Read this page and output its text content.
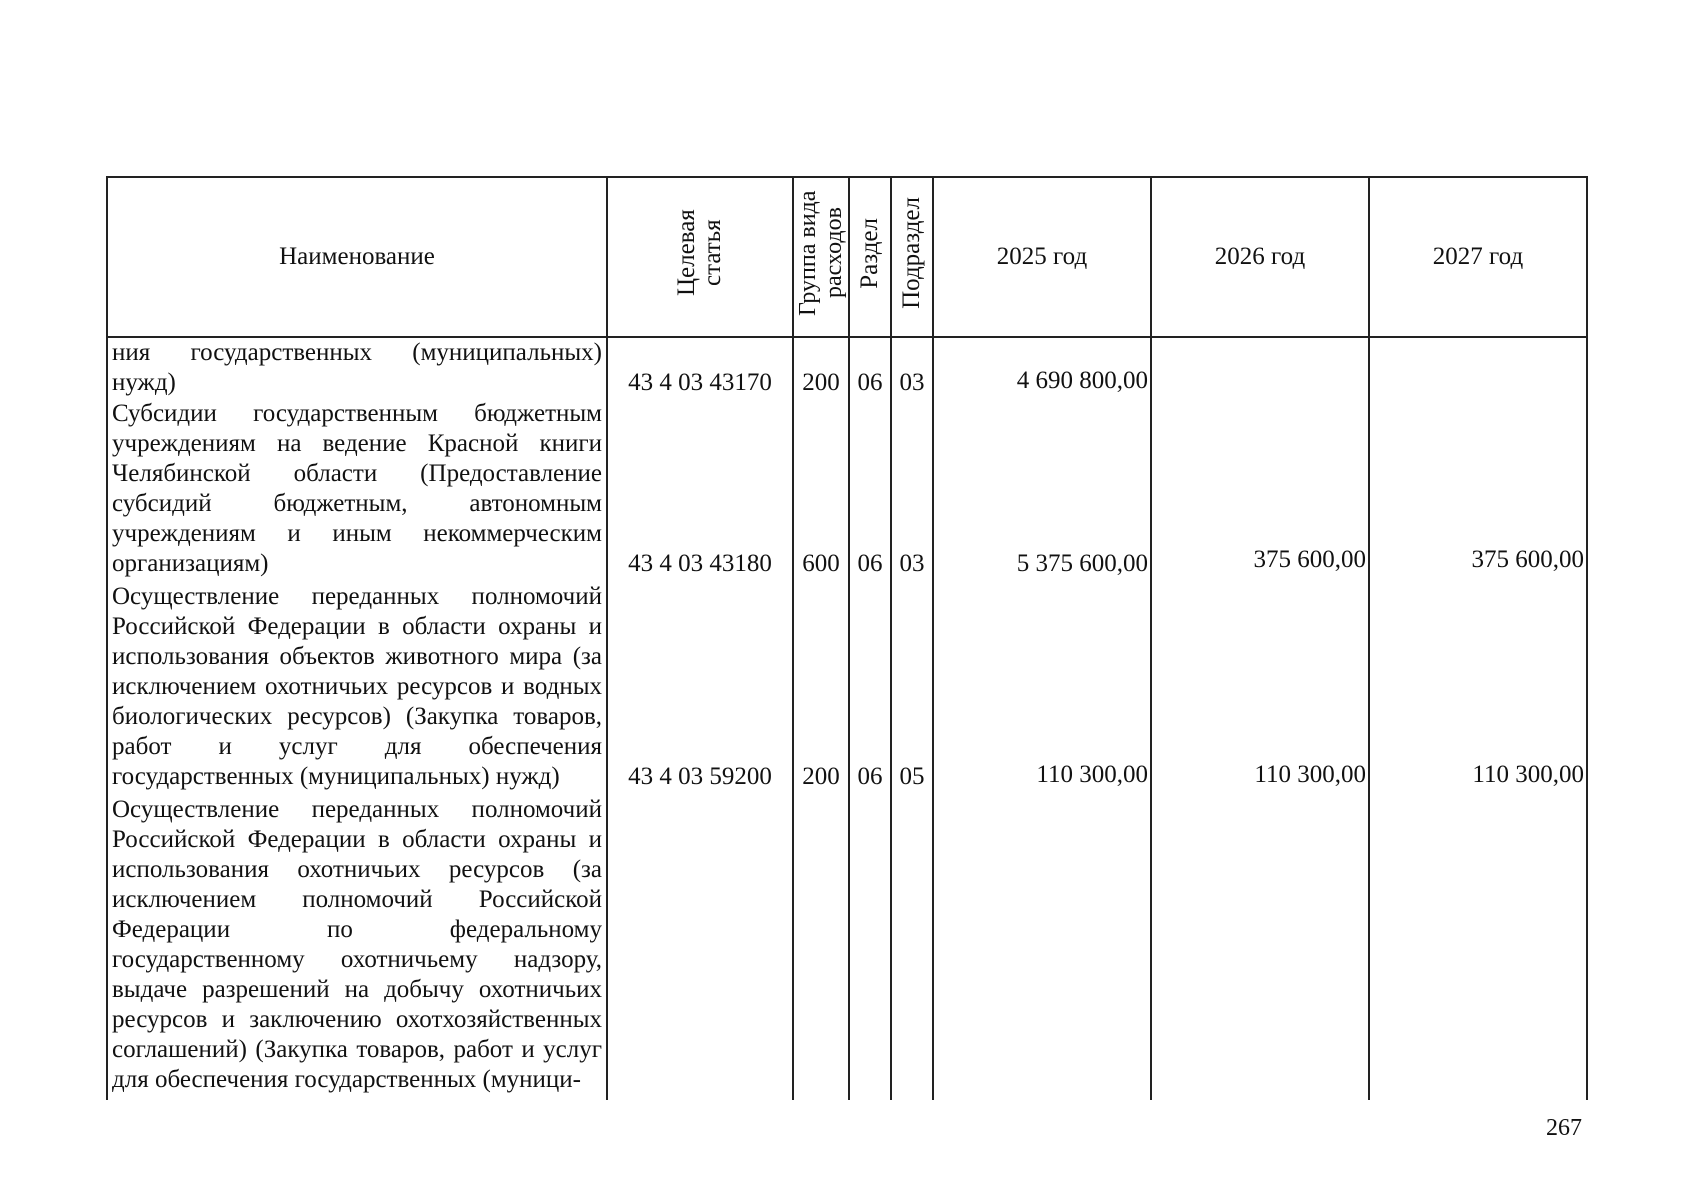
Наименование	Целевая статья	Группа вида расходов	Раздел	Подраздел	2025 год	2026 год	2027 год

ния государственных (муниципальных) нужд)	43 4 03 43170	200	06	03	4 690 800,00		

Субсидии государственным бюджетным учреждениям на ведение Красной книги Челябинской области (Предоставление субсидий бюджетным, автономным учреждениям и иным некоммерческим организациям)	43 4 03 43180	600	06	03	5 375 600,00	375 600,00	375 600,00

Осуществление переданных полномочий Российской Федерации в области охраны и использования объектов животного мира (за исключением охотничьих ресурсов и водных биологических ресурсов) (Закупка товаров, работ и услуг для обеспечения государственных (муниципальных) нужд)	43 4 03 59200	200	06	05	110 300,00	110 300,00	110 300,00

Осуществление переданных полномочий Российской Федерации в области охраны и использования охотничьих ресурсов (за исключением полномочий Российской Федерации по федеральному государственному охотничьему надзору, выдаче разрешений на добычу охотничьих ресурсов и заключению охотхозяйственных соглашений) (Закупка товаров, работ и услуг для обеспечения государственных (муници-							

267
